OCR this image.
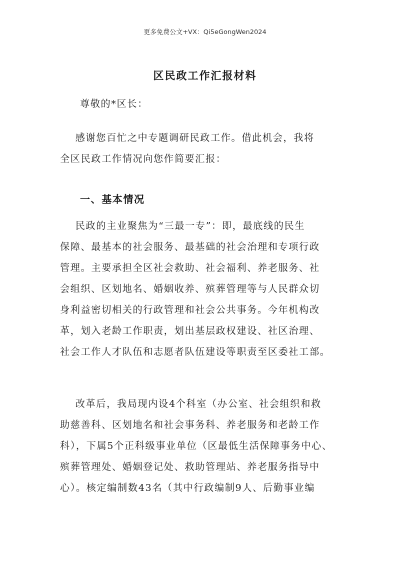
更多免费公文+VX：Qi5eGongWen2024
区民政工作汇报材料
尊敬的*区长：
感谢您百忙之中专题调研民政工作。借此机会，我将
全区民政工作情况向您作简要汇报：
一、基本情况
民政的主业聚焦为“三最一专”：即，最底线的民生
保障、最基本的社会服务、最基础的社会治理和专项行政
管理。主要承担全区社会救助、社会福利、养老服务、社
会组织、区划地名、婚姻收养、殡葬管理等与人民群众切
身利益密切相关的行政管理和社会公共事务。今年机构改
革，划入老龄工作职责，划出基层政权建设、社区治理、
社会工作人才队伍和志愿者队伍建设等职责至区委社工部。
改革后，我局现内设4个科室（办公室、社会组织和救
助慈善科、区划地名和社会事务科、养老服务和老龄工作
科），下属5个正科级事业单位（区最低生活保障事务中心、
殡葬管理处、婚姻登记处、救助管理站、养老服务指导中
心）。核定编制数43名（其中行政编制9人、后勤事业编
